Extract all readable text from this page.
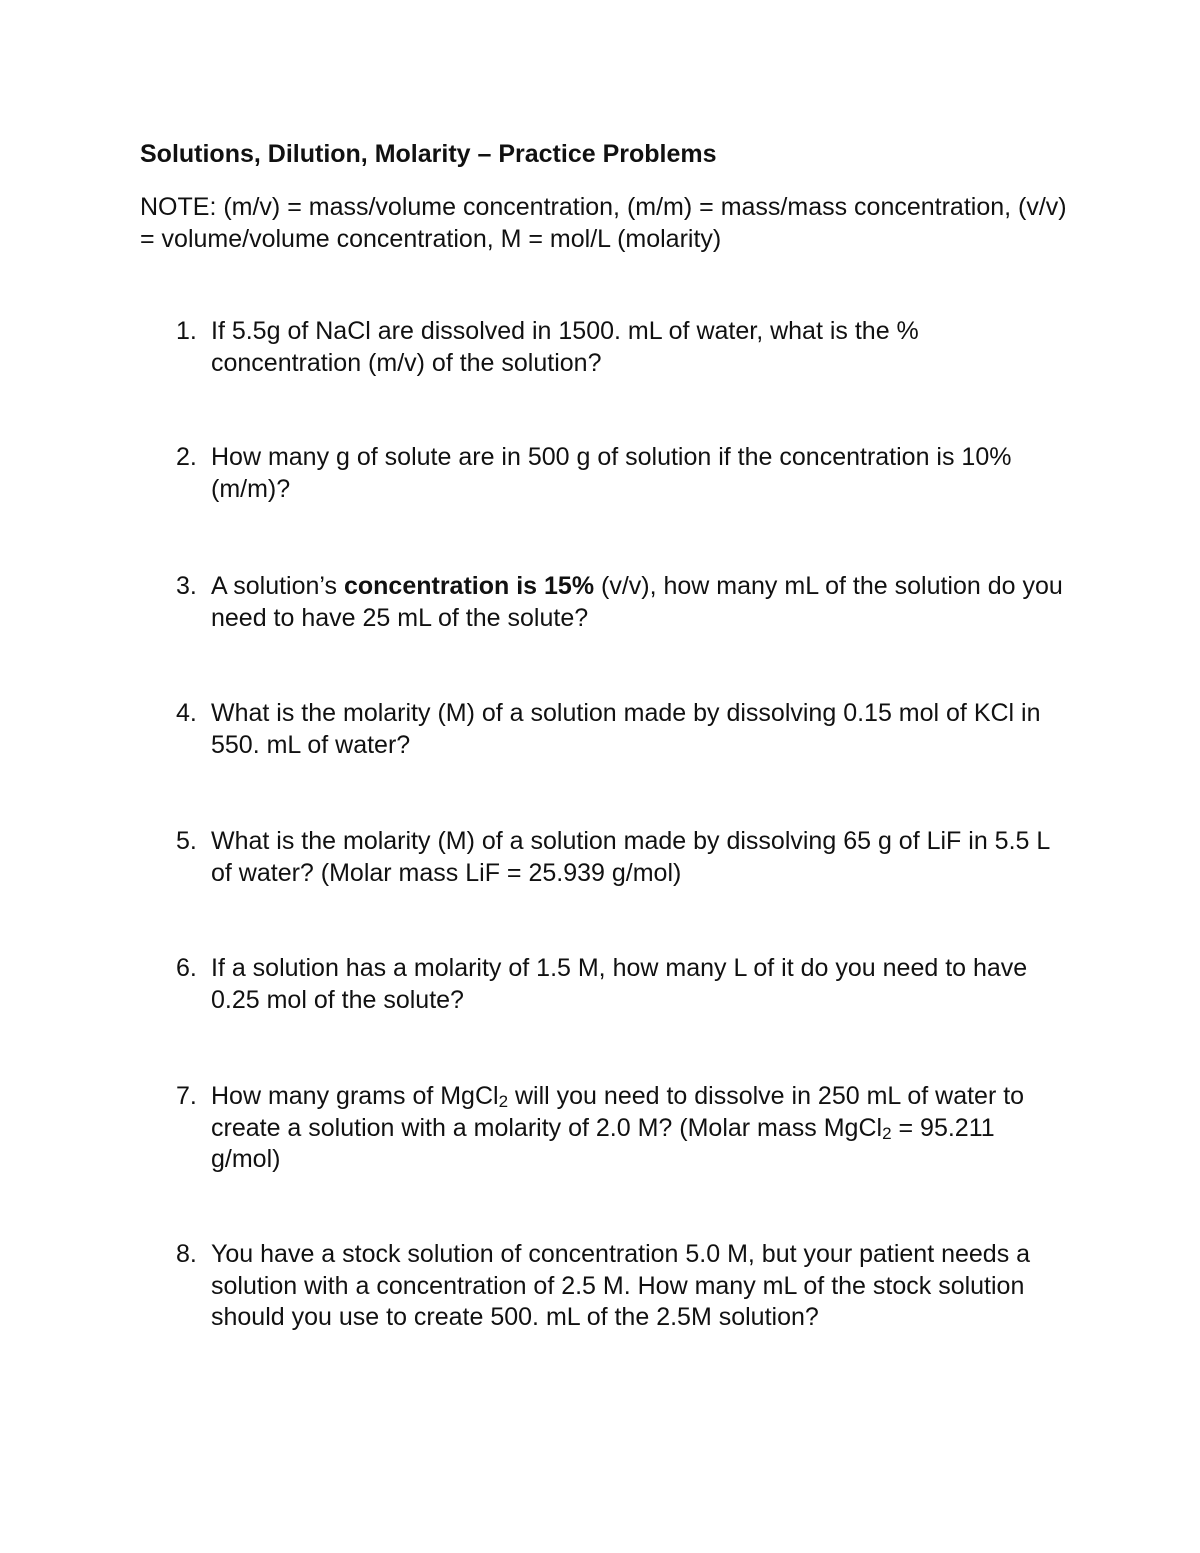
Solutions, Dilution, Molarity – Practice Problems

NOTE: (m/v) = mass/volume concentration, (m/m) = mass/mass concentration, (v/v) = volume/volume concentration, M = mol/L (molarity)

1. If 5.5g of NaCl are dissolved in 1500. mL of water, what is the % concentration (m/v) of the solution?
2. How many g of solute are in 500 g of solution if the concentration is 10% (m/m)?
3. A solution’s concentration is 15% (v/v), how many mL of the solution do you need to have 25 mL of the solute?
4. What is the molarity (M) of a solution made by dissolving 0.15 mol of KCl in 550. mL of water?
5. What is the molarity (M) of a solution made by dissolving 65 g of LiF in 5.5 L of water? (Molar mass LiF = 25.939 g/mol)
6. If a solution has a molarity of 1.5 M, how many L of it do you need to have 0.25 mol of the solute?
7. How many grams of MgCl$_2$ will you need to dissolve in 250 mL of water to create a solution with a molarity of 2.0 M? (Molar mass MgCl$_2$ = 95.211 g/mol)
8. You have a stock solution of concentration 5.0 M, but your patient needs a solution with a concentration of 2.5 M. How many mL of the stock solution should you use to create 500. mL of the 2.5M solution?
